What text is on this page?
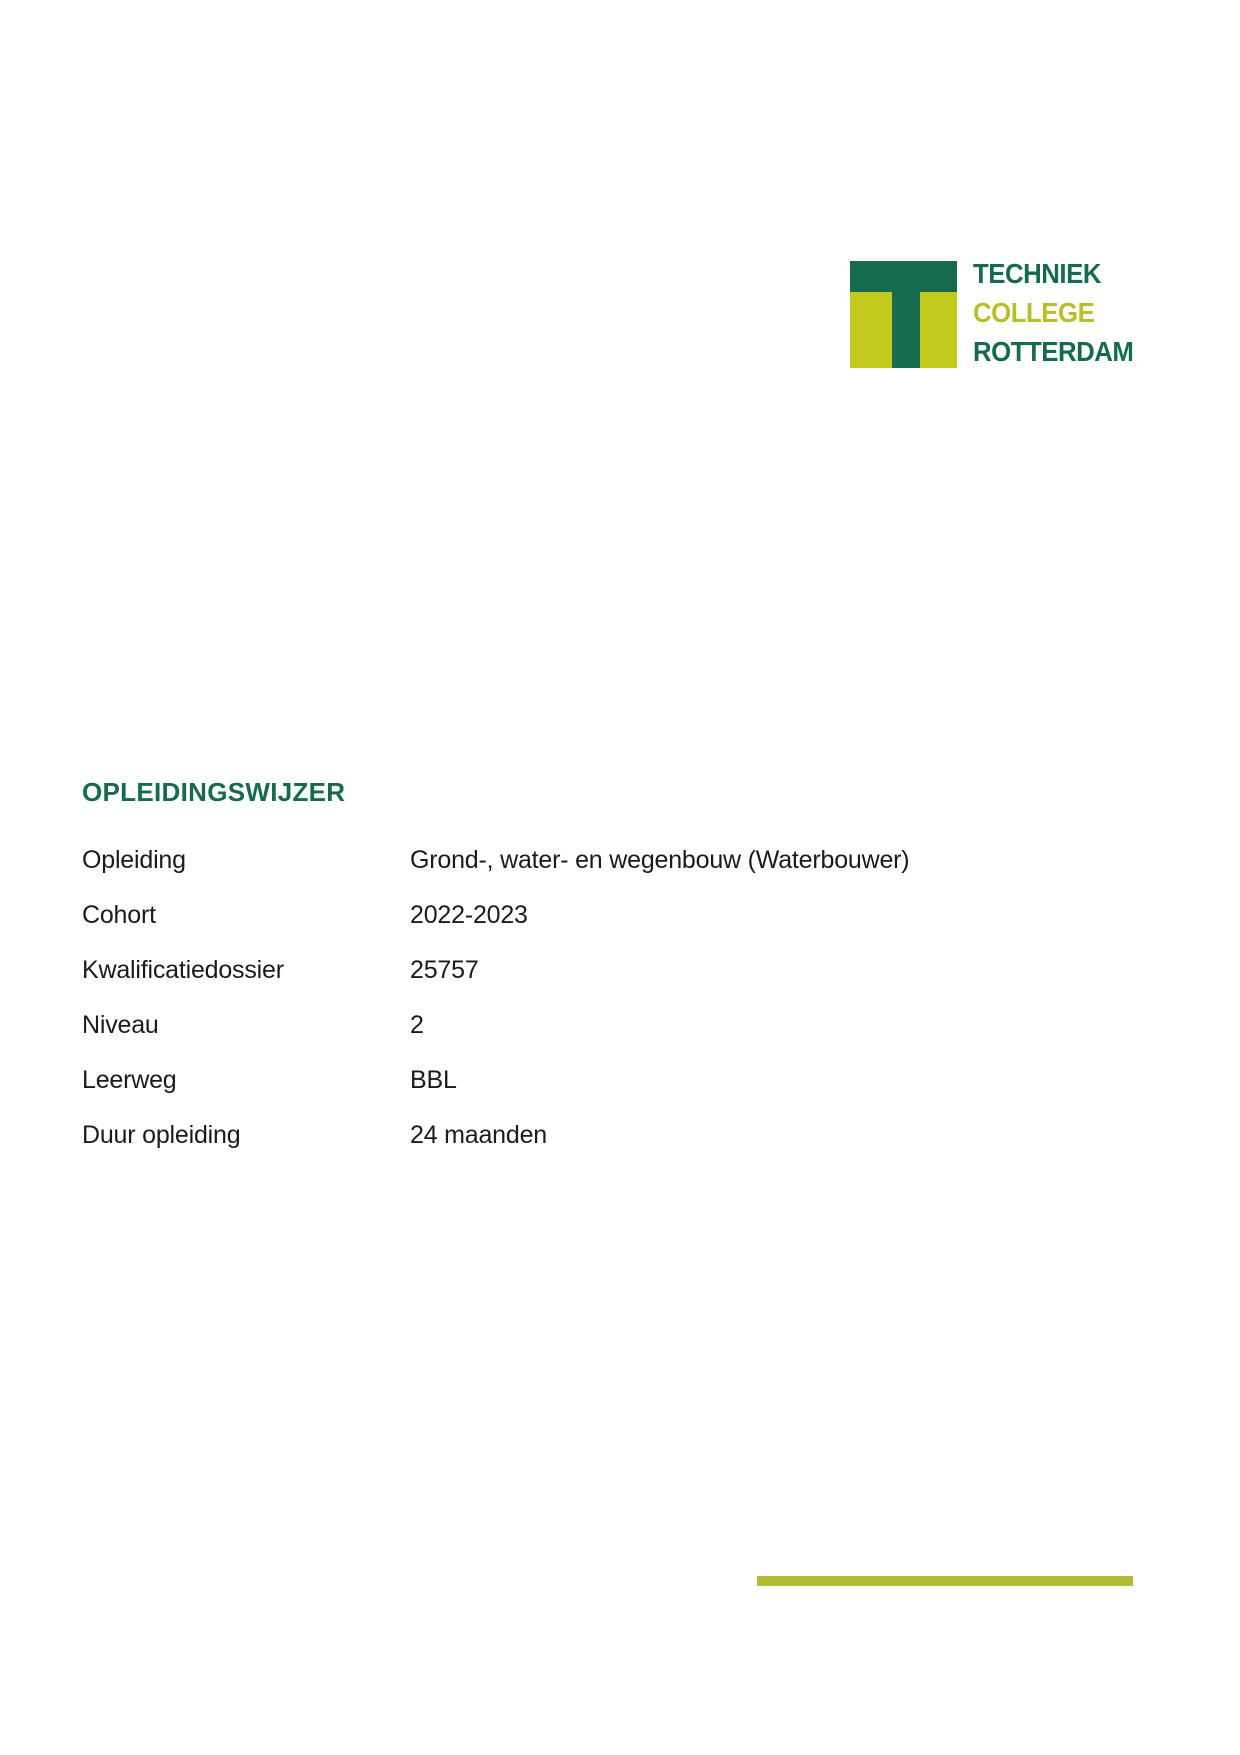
TECHNIEK
COLLEGE
ROTTERDAM
OPLEIDINGSWIJZER
Opleiding	Grond-, water- en wegenbouw (Waterbouwer)
Cohort	2022-2023
Kwalificatiedossier	25757
Niveau	2
Leerweg	BBL
Duur opleiding	24 maanden
